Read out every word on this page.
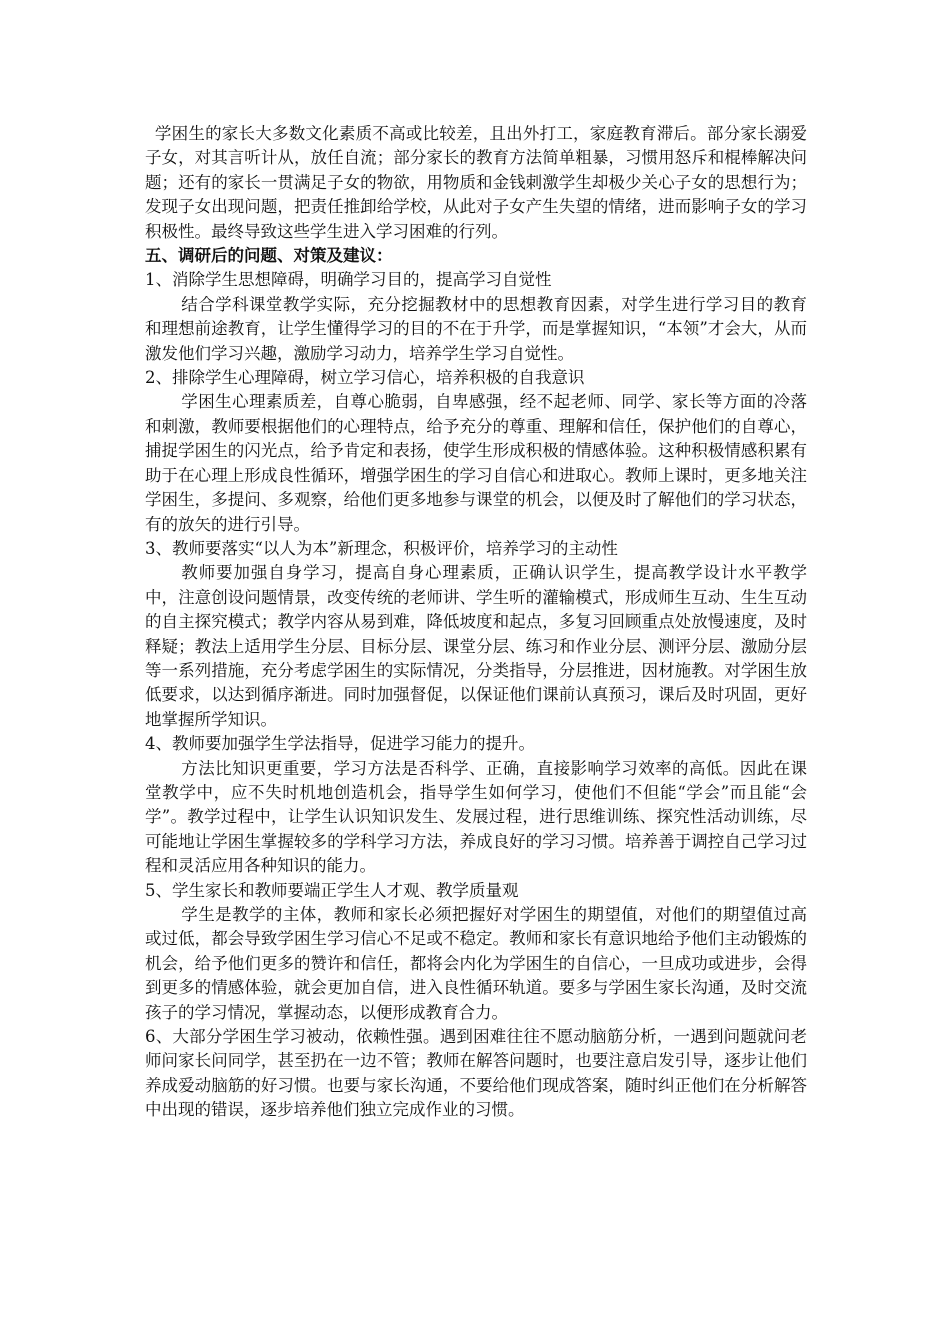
学困生的家长大多数文化素质不高或比较差，且出外打工，家庭教育滞后。部分家长溺爱子女，对其言听计从，放任自流；部分家长的教育方法简单粗暴，习惯用怒斥和棍棒解决问题；还有的家长一贯满足子女的物欲，用物质和金钱刺激学生却极少关心子女的思想行为；发现子女出现问题，把责任推卸给学校，从此对子女产生失望的情绪，进而影响子女的学习积极性。最终导致这些学生进入学习困难的行列。

五、调研后的问题、对策及建议：

1、消除学生思想障碍，明确学习目的，提高学习自觉性

结合学科课堂教学实际，充分挖掘教材中的思想教育因素，对学生进行学习目的教育和理想前途教育，让学生懂得学习的目的不在于升学，而是掌握知识，“本领”才会大，从而激发他们学习兴趣，激励学习动力，培养学生学习自觉性。

2、排除学生心理障碍，树立学习信心，培养积极的自我意识

学困生心理素质差，自尊心脆弱，自卑感强，经不起老师、同学、家长等方面的冷落和刺激，教师要根据他们的心理特点，给予充分的尊重、理解和信任，保护他们的自尊心，捕捉学困生的闪光点，给予肯定和表扬，使学生形成积极的情感体验。这种积极情感积累有助于在心理上形成良性循环，增强学困生的学习自信心和进取心。教师上课时，更多地关注学困生，多提问、多观察，给他们更多地参与课堂的机会，以便及时了解他们的学习状态，有的放矢的进行引导。

3、教师要落实“以人为本”新理念，积极评价，培养学习的主动性

教师要加强自身学习，提高自身心理素质，正确认识学生，提高教学设计水平教学中，注意创设问题情景，改变传统的老师讲、学生听的灌输模式，形成师生互动、生生互动的自主探究模式；教学内容从易到难，降低坡度和起点，多复习回顾重点处放慢速度，及时释疑；教法上适用学生分层、目标分层、课堂分层、练习和作业分层、测评分层、激励分层等一系列措施，充分考虑学困生的实际情况，分类指导，分层推进，因材施教。对学困生放低要求，以达到循序渐进。同时加强督促，以保证他们课前认真预习，课后及时巩固，更好地掌握所学知识。

4、教师要加强学生学法指导，促进学习能力的提升。

方法比知识更重要，学习方法是否科学、正确，直接影响学习效率的高低。因此在课堂教学中，应不失时机地创造机会，指导学生如何学习，使他们不但能“学会”而且能“会学”。教学过程中，让学生认识知识发生、发展过程，进行思维训练、探究性活动训练，尽可能地让学困生掌握较多的学科学习方法，养成良好的学习习惯。培养善于调控自己学习过程和灵活应用各种知识的能力。

5、学生家长和教师要端正学生人才观、教学质量观

学生是教学的主体，教师和家长必须把握好对学困生的期望值，对他们的期望值过高或过低，都会导致学困生学习信心不足或不稳定。教师和家长有意识地给予他们主动锻炼的机会，给予他们更多的赞许和信任，都将会内化为学困生的自信心，一旦成功或进步，会得到更多的情感体验，就会更加自信，进入良性循环轨道。要多与学困生家长沟通，及时交流孩子的学习情况，掌握动态，以便形成教育合力。

6、大部分学困生学习被动，依赖性强。遇到困难往往不愿动脑筋分析，一遇到问题就问老师问家长问同学，甚至扔在一边不管；教师在解答问题时，也要注意启发引导，逐步让他们养成爱动脑筋的好习惯。也要与家长沟通，不要给他们现成答案，随时纠正他们在分析解答中出现的错误，逐步培养他们独立完成作业的习惯。
